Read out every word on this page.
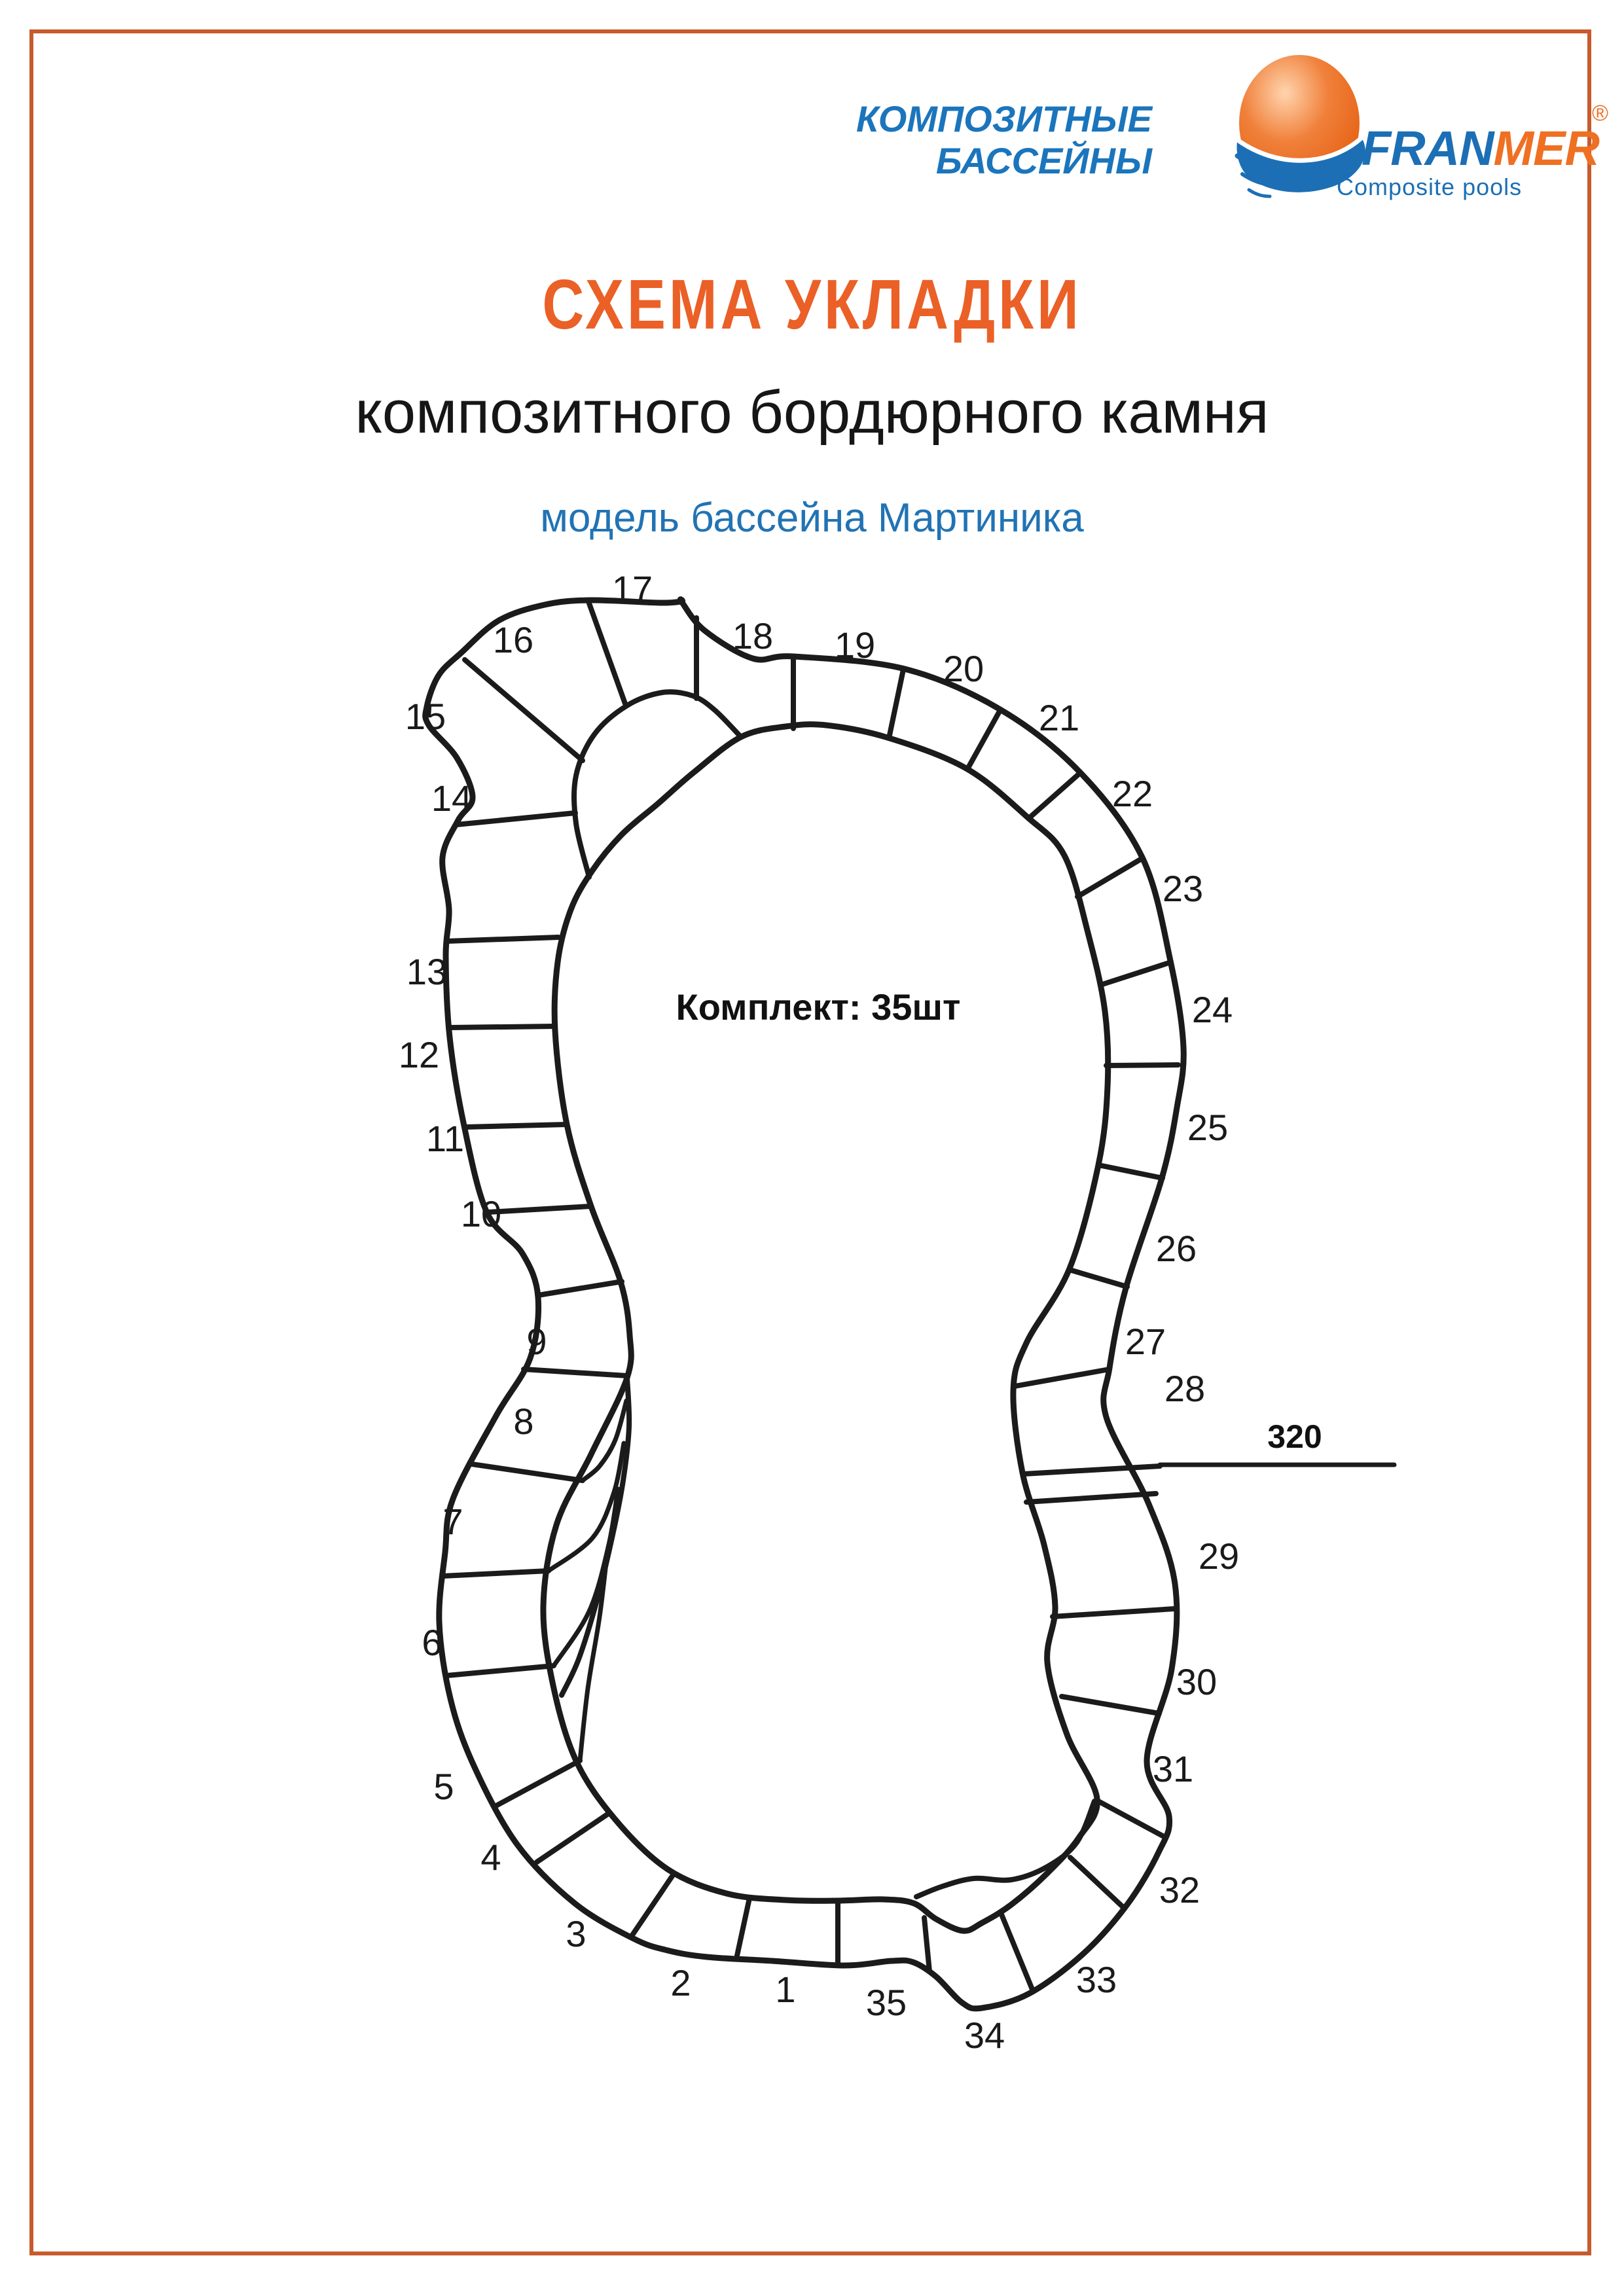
1
2
3
4
5
6
7
8
9
10
11
12
13
14
15
16
17
18 19
20
21
22
23
24
25
26
27
28
29
30
31
32
33
34
35
Комплект: 35шт
320
КОМПОЗИТНЫЕ
БАССЕЙНЫ	FRANMER
®
Composite pools
СХЕМА УКЛАДКИ
композитного бордюрного камня
модель бассейна Мартиника
